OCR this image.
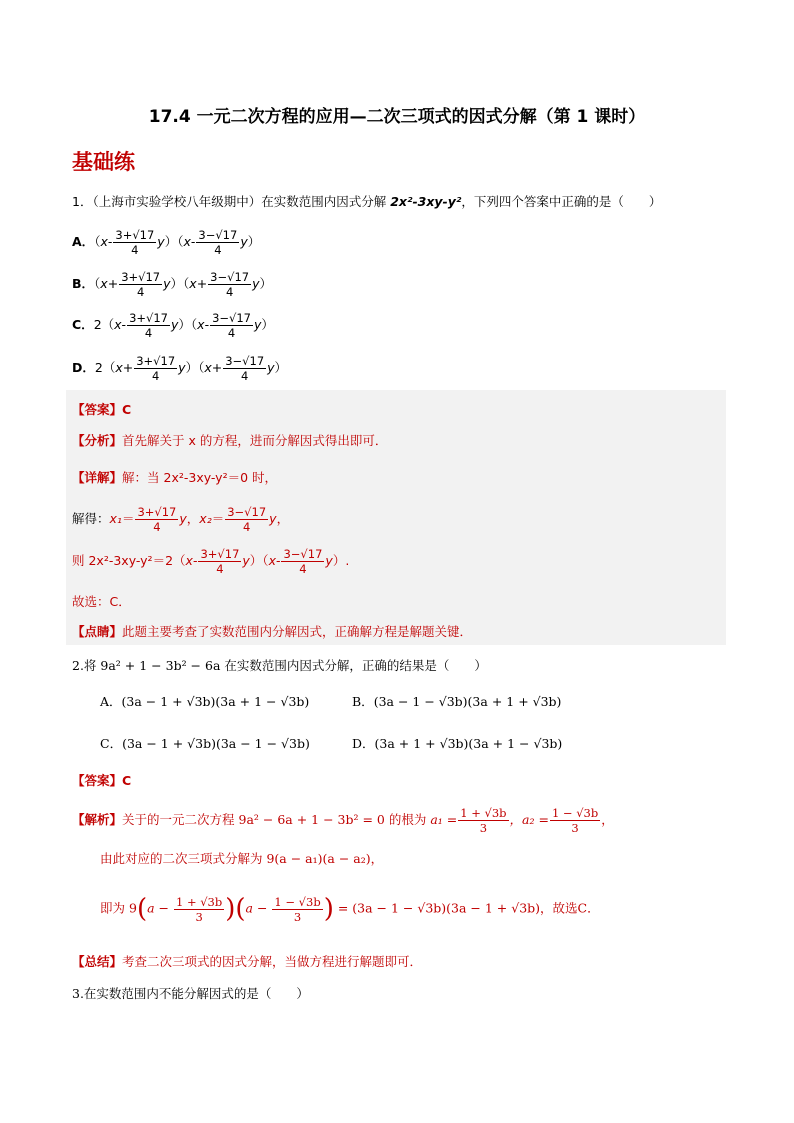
17.4 一元二次方程的应用—二次三项式的因式分解（第 1 课时）
基础练
1．（上海市实验学校八年级期中）在实数范围内因式分解 2x²-3xy-y²，下列四个答案中正确的是（　　）
A．$(x- \frac{3+√17}{4} y)(x- \frac{3-√17}{4} y)$
B．$(x+ \frac{3+√17}{4} y)(x+ \frac{3-√17}{4} y)$
C．$2(x- \frac{3+√17}{4} y)(x- \frac{3-√17}{4} y)$
D．$2(x+ \frac{3+√17}{4} y)(x+ \frac{3-√17}{4} y)$
【答案】C
【分析】首先解关于 x 的方程，进而分解因式得出即可．
【详解】解：当 2x²-3xy-y²＝0 时，
解得：$x_1= \frac{3+√17}{4}$ y，$x_2= \frac{3-√17}{4}$ y，
则 $2x^2-3xy-y^2=2(x- \frac{3+√17}{4} y)(x- \frac{3-√17}{4} y)$.
故选：C．
【点睛】此题主要考查了实数范围内分解因式，正确解方程是解题关键．
2.将 9a² + 1 − 3b² − 6a 在实数范围内因式分解，正确的结果是（　　）
A．(3a − 1 + √3b)(3a + 1 − √3b)	B．(3a − 1 − √3b)(3a + 1 + √3b)
C．(3a − 1 + √3b)(3a − 1 − √3b)	D．(3a + 1 + √3b)(3a + 1 − √3b)
【答案】C
【解析】关于的一元二次方程 9a² − 6a + 1 − 3b² = 0 的根为 $a_1 = \frac{1 + √3b}{3}$ ，$a_2 = \frac{1 - √3b}{3}$ ，
由此对应的二次三项式分解为 9(a − a₁)(a − a₂)，
即为 $9(a - \frac{1 + √3b}{3} )(a - \frac{1 - √3b}{3}$ ) = (3a − 1 − √3b)(3a − 1 + √3b)，故选C．
【总结】考查二次三项式的因式分解，当做方程进行解题即可．
3.在实数范围内不能分解因式的是（　　）
